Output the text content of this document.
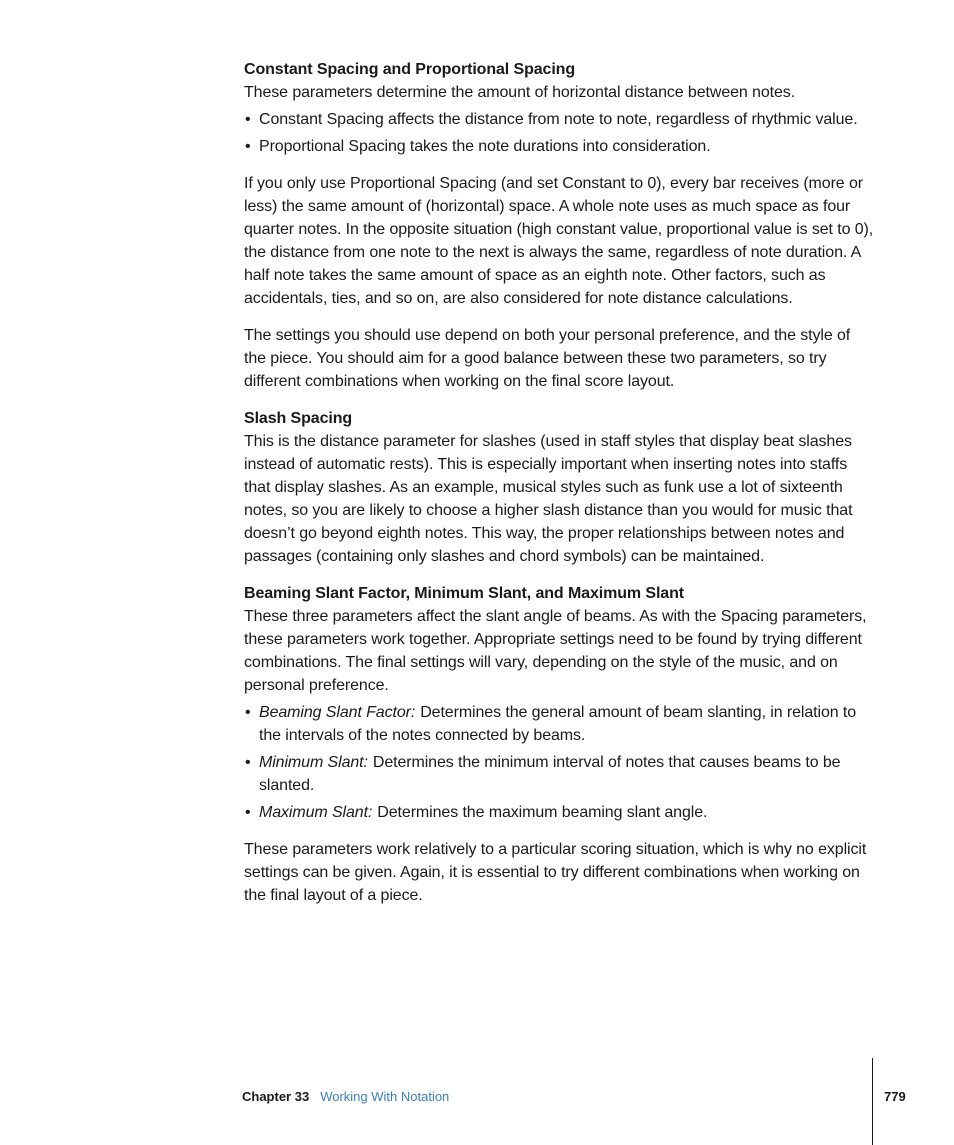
Constant Spacing and Proportional Spacing

These parameters determine the amount of horizontal distance between notes.

• Constant Spacing affects the distance from note to note, regardless of rhythmic value.
• Proportional Spacing takes the note durations into consideration.

If you only use Proportional Spacing (and set Constant to 0), every bar receives (more or less) the same amount of (horizontal) space. A whole note uses as much space as four quarter notes. In the opposite situation (high constant value, proportional value is set to 0), the distance from one note to the next is always the same, regardless of note duration. A half note takes the same amount of space as an eighth note. Other factors, such as accidentals, ties, and so on, are also considered for note distance calculations.

The settings you should use depend on both your personal preference, and the style of the piece. You should aim for a good balance between these two parameters, so try different combinations when working on the final score layout.

Slash Spacing

This is the distance parameter for slashes (used in staff styles that display beat slashes instead of automatic rests). This is especially important when inserting notes into staffs that display slashes. As an example, musical styles such as funk use a lot of sixteenth notes, so you are likely to choose a higher slash distance than you would for music that doesn’t go beyond eighth notes. This way, the proper relationships between notes and passages (containing only slashes and chord symbols) can be maintained.

Beaming Slant Factor, Minimum Slant, and Maximum Slant

These three parameters affect the slant angle of beams. As with the Spacing parameters, these parameters work together. Appropriate settings need to be found by trying different combinations. The final settings will vary, depending on the style of the music, and on personal preference.

• Beaming Slant Factor: Determines the general amount of beam slanting, in relation to the intervals of the notes connected by beams.
• Minimum Slant: Determines the minimum interval of notes that causes beams to be slanted.
• Maximum Slant: Determines the maximum beaming slant angle.

These parameters work relatively to a particular scoring situation, which is why no explicit settings can be given. Again, it is essential to try different combinations when working on the final layout of a piece.

Chapter 33 Working With Notation	779
